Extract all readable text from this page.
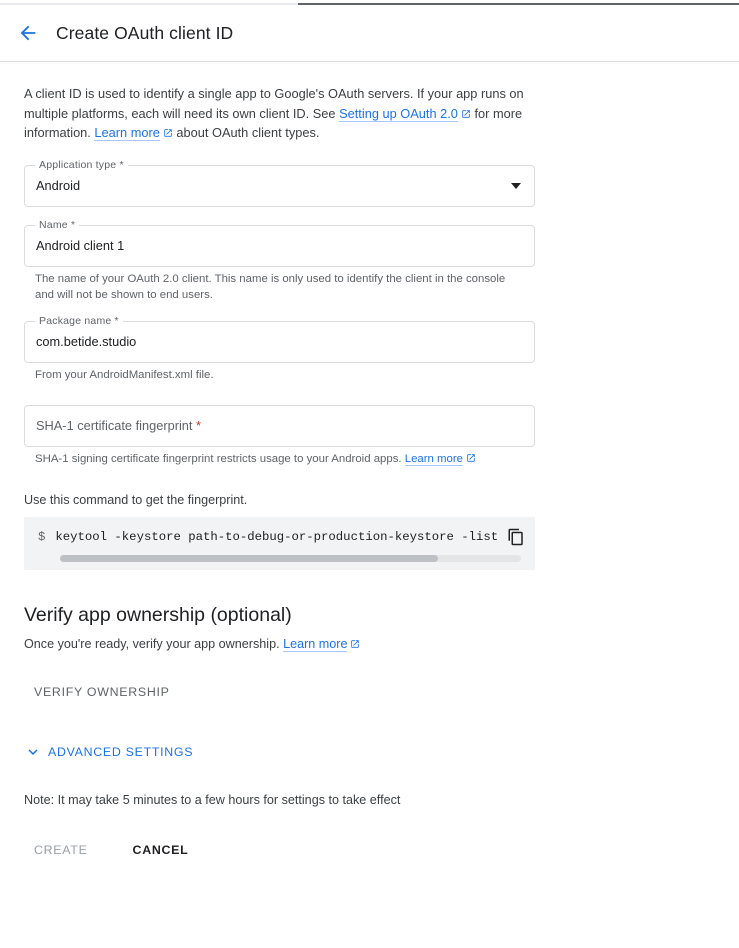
Create OAuth client ID

A client ID is used to identify a single app to Google's OAuth servers. If your app runs on multiple platforms, each will need its own client ID. See Setting up OAuth 2.0
for more information. Learn more
about OAuth client types.

Application type *
Android
Name *
Android client 1
The name of your OAuth 2.0 client. This name is only used to identify the client in the console and will not be shown to end users.
Package name *
com.betide.studio
From your AndroidManifest.xml file.
SHA-1 certificate fingerprint *
SHA-1 signing certificate fingerprint restricts usage to your Android apps. Learn more
Use this command to get the fingerprint.
$ keytool -keystore path-to-debug-or-production-keystore -list
Verify app ownership (optional)

Once you're ready, verify your app ownership. Learn more

VERIFY OWNERSHIP
ADVANCED SETTINGS
Note: It may take 5 minutes to a few hours for settings to take effect
CREATE	CANCEL
